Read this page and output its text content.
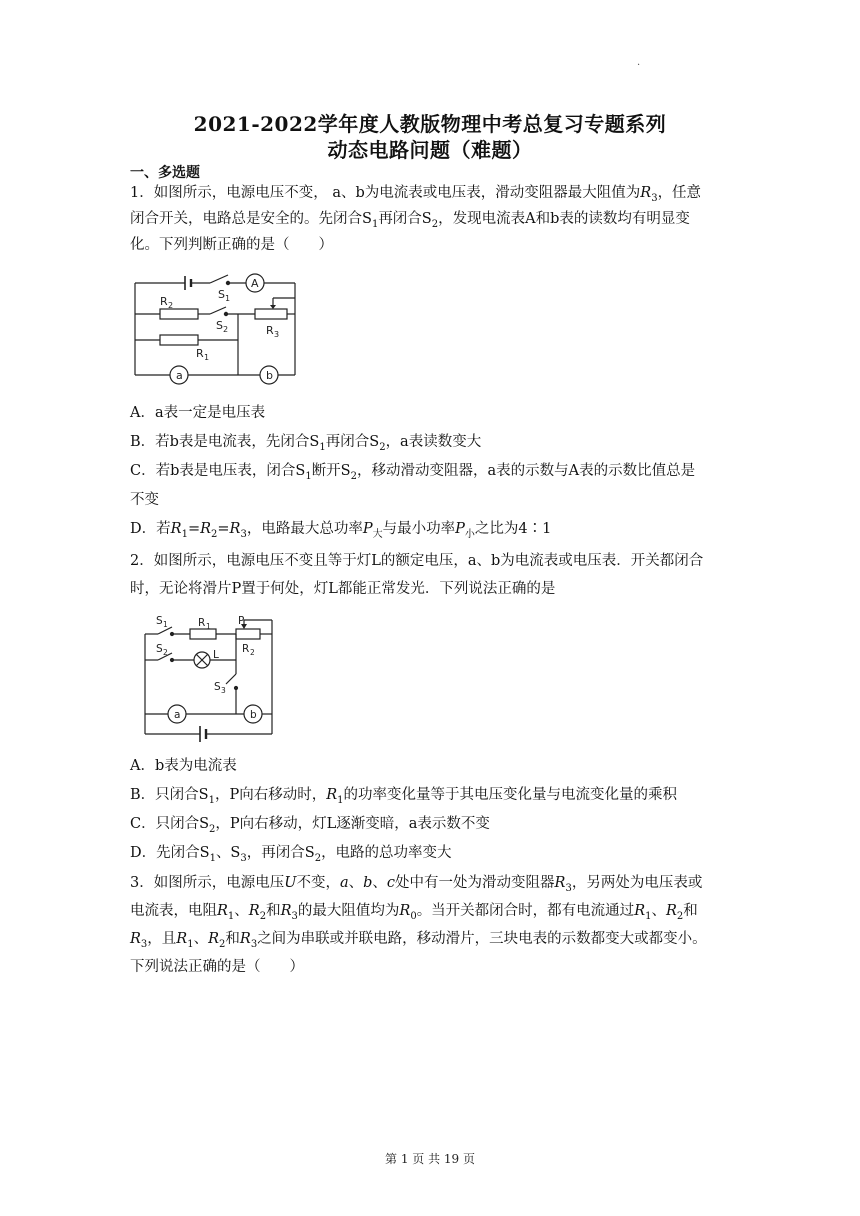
·
2021-2022学年度人教版物理中考总复习专题系列
动态电路问题（难题）
一、多选题
1．如图所示，电源电压不变， a、b为电流表或电压表，滑动变阻器最大阻值为$R_3$，任意
闭合开关，电路总是安全的。先闭合$S_1$再闭合$S_2$，发现电流表A和b表的读数均有明显变
化。下列判断正确的是（　　）
A
S 1
R 2
S 2	R 3
R 1
a	b
A．a表一定是电压表
B．若b表是电流表，先闭合$S_1$再闭合$S_2$，a表读数变大
C．若b表是电压表，闭合$S_1$断开$S_2$，移动滑动变阻器，a表的示数与A表的示数比值总是
不变
D．若$R_1=R_2=R_3$，电路最大总功率$P_大$与最小功率$P_小$之比为4∶1
2．如图所示，电源电压不变且等于灯L的额定电压，a、b为电流表或电压表．开关都闭合
时，无论将滑片P置于何处，灯L都能正常发光．下列说法正确的是
S 1	R 1	P
R 2
S 2	L
S 3
a	b
A．b表为电流表
B．只闭合$S_1$，P向右移动时，$R_1$的功率变化量等于其电压变化量与电流变化量的乘积
C．只闭合$S_2$，P向右移动，灯L逐渐变暗，a表示数不变
D．先闭合$S_1$、$S_3$，再闭合$S_2$，电路的总功率变大
3．如图所示，电源电压U不变，a、b、c处中有一处为滑动变阻器$R_3$，另两处为电压表或
电流表，电阻$R_1$、$R_2$和$R_3$的最大阻值均为$R_0$。当开关都闭合时，都有电流通过$R_1$、$R_2$和
$R_3$，且$R_1$、$R_2$和$R_3$之间为串联或并联电路，移动滑片，三块电表的示数都变大或都变小。
下列说法正确的是（　　）
第 1 页 共 19 页
